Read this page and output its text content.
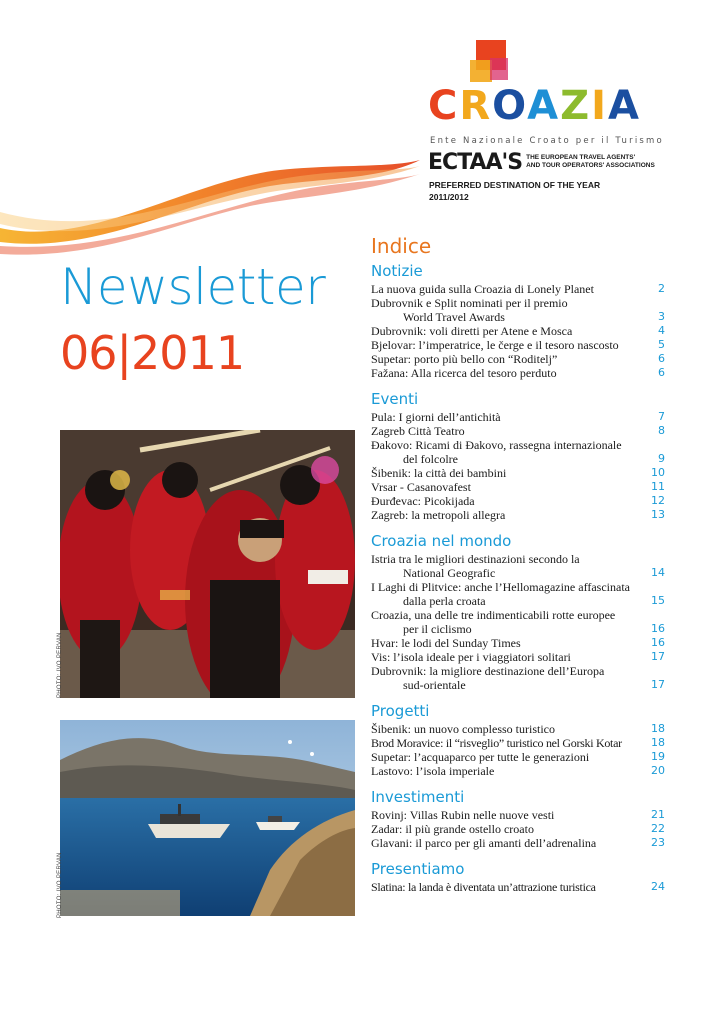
CROAZIA
Ente Nazionale Croato per il Turismo
ECTAA'S THE EUROPEAN TRAVEL AGENTS'
AND TOUR OPERATORS' ASSOCIATIONS
PREFERRED DESTINATION OF THE YEAR
2011/2012
Newsletter
06|2011
PHOTO: IVO PERVAN
PHOTO: IVO PERVAN
Indice
Notizie
La nuova guida sulla Croazia di Lonely Planet	2
Dubrovnik e Split nominati per il premio
World Travel Awards	3
Dubrovnik: voli diretti per Atene e Mosca	4
Bjelovar: l’imperatrice, le čerge e il tesoro nascosto	5
Supetar: porto più bello con “Roditelj”	6
Fažana: Alla ricerca del tesoro perduto	6
Eventi
Pula: I giorni dell’antichità	7
Zagreb Città Teatro	8
Đakovo: Ricami di Đakovo, rassegna internazionale
del folcolre	9
Šibenik: la città dei bambini	10
Vrsar - Casanovafest	11
Đurđevac: Picokijada	12
Zagreb: la metropoli allegra	13
Croazia nel mondo
Istria tra le migliori destinazioni secondo la
National Geografic	14
I Laghi di Plitvice: anche l’Hellomagazine affascinata
dalla perla croata	15
Croazia, una delle tre indimenticabili rotte europee
per il ciclismo	16
Hvar: le lodi del Sunday Times	16
Vis: l’isola ideale per i viaggiatori solitari	17
Dubrovnik: la migliore destinazione dell’Europa
sud-orientale	17
Progetti
Šibenik: un nuovo complesso turistico	18
Brod Moravice: il “risveglio” turistico nel Gorski Kotar	18
Supetar: l’acquaparco per tutte le generazioni	19
Lastovo: l’isola imperiale	20
Investimenti
Rovinj: Villas Rubin nelle nuove vesti	21
Zadar: il più grande ostello croato	22
Glavani: il parco per gli amanti dell’adrenalina	23
Presentiamo
Slatina: la landa è diventata un’attrazione turistica	24
